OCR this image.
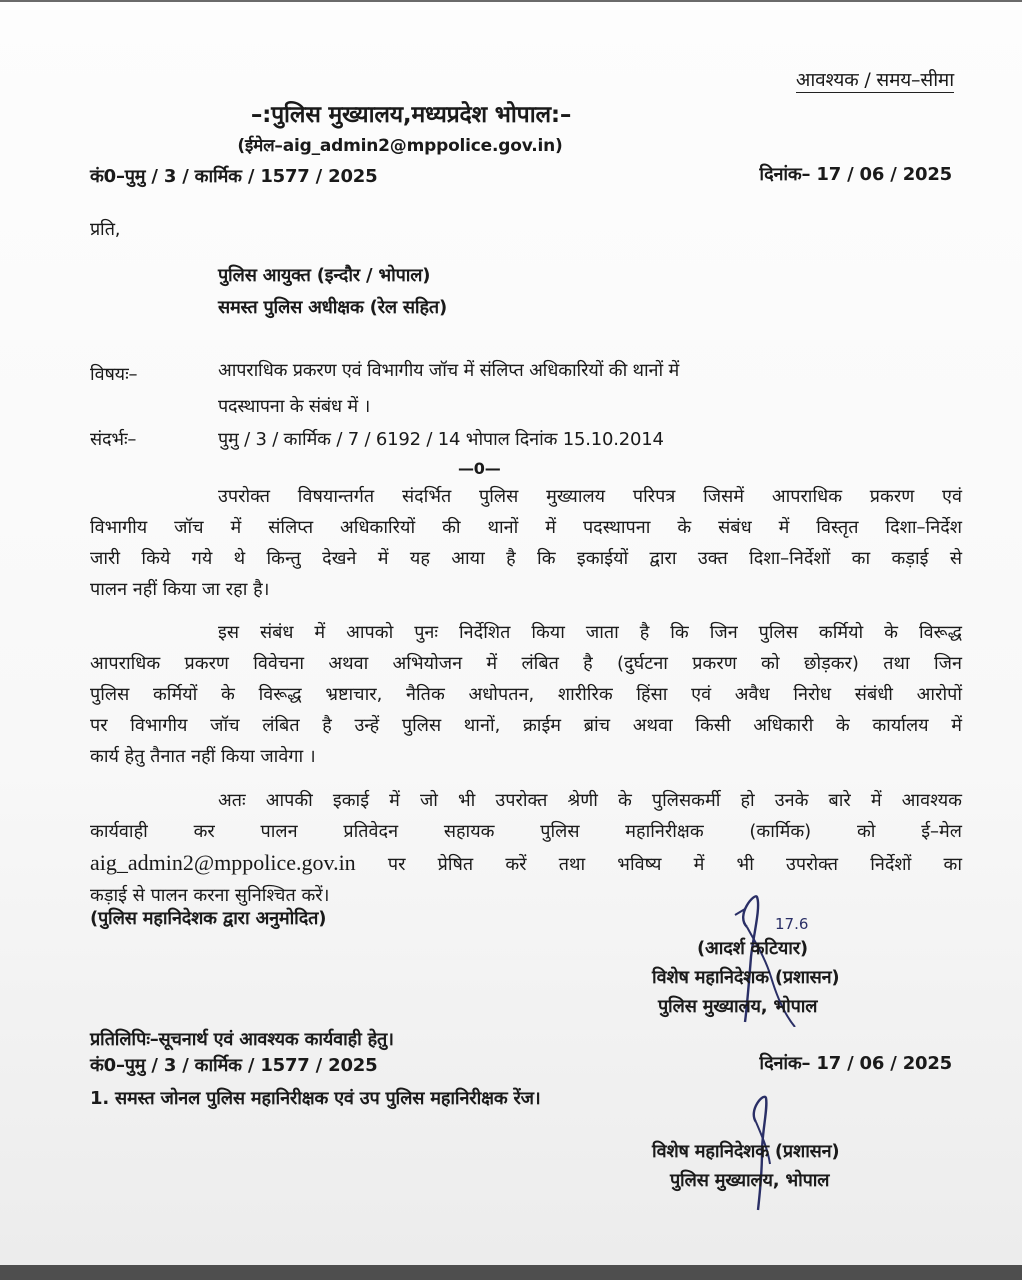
आवश्यक / समय–सीमा
–:पुलिस मुख्यालय,मध्यप्रदेश भोपाल:–
(ईमेल–aig_admin2@mppolice.gov.in)
कं0–पुमु / 3 / कार्मिक / 1577 / 2025	दिनांक– 17 / 06 / 2025
प्रति,
पुलिस आयुक्त (इन्दौर / भोपाल)
समस्त पुलिस अधीक्षक (रेल सहित)
विषयः–	आपराधिक प्रकरण एवं विभागीय जॉच में संलिप्त अधिकारियों की थानों में
पदस्थापना के संबंध में ।
संदर्भः–	पुमु / 3 / कार्मिक / 7 / 6192 / 14 भोपाल दिनांक 15.10.2014
—0—
उपरोक्त विषयान्तर्गत संदर्भित पुलिस मुख्यालय परिपत्र जिसमें आपराधिक प्रकरण एवं
विभागीय जॉच में संलिप्त अधिकारियों की थानों में पदस्थापना के संबंध में विस्तृत दिशा–निर्देश
जारी किये गये थे किन्तु देखने में यह आया है कि इकाईयों द्वारा उक्त दिशा–निर्देशों का कड़ाई से
पालन नहीं किया जा रहा है।
इस संबंध में आपको पुनः निर्देशित किया जाता है कि जिन पुलिस कर्मियो के विरूद्ध
आपराधिक प्रकरण विवेचना अथवा अभियोजन में लंबित है (दुर्घटना प्रकरण को छोड़कर) तथा जिन
पुलिस कर्मियों के विरूद्ध भ्रष्टाचार, नैतिक अधोपतन, शारीरिक हिंसा एवं अवैध निरोध संबंधी आरोपों
पर विभागीय जॉच लंबित है उन्हें पुलिस थानों, क्राईम ब्रांच अथवा किसी अधिकारी के कार्यालय में
कार्य हेतु तैनात नहीं किया जावेगा ।
अतः आपकी इकाई में जो भी उपरोक्त श्रेणी के पुलिसकर्मी हो उनके बारे में आवश्यक
कार्यवाही कर पालन प्रतिवेदन सहायक पुलिस महानिरीक्षक (कार्मिक) को ई–मेल
aig_admin2@mppolice.gov.in पर प्रेषित करें तथा भविष्य में भी उपरोक्त निर्देशों का
कड़ाई से पालन करना सुनिश्चित करें।
(पुलिस महानिदेशक द्वारा अनुमोदित)	17.6
(आदर्श कटियार)
विशेष महानिदेशक (प्रशासन)
पुलिस मुख्यालय, भोपाल
प्रतिलिपिः–सूचनार्थ एवं आवश्यक कार्यवाही हेतु।
कं0–पुमु / 3 / कार्मिक / 1577 / 2025	दिनांक– 17 / 06 / 2025
1. समस्त जोनल पुलिस महानिरीक्षक एवं उप पुलिस महानिरीक्षक रेंज।
विशेष महानिदेशक (प्रशासन)
पुलिस मुख्यालय, भोपाल
